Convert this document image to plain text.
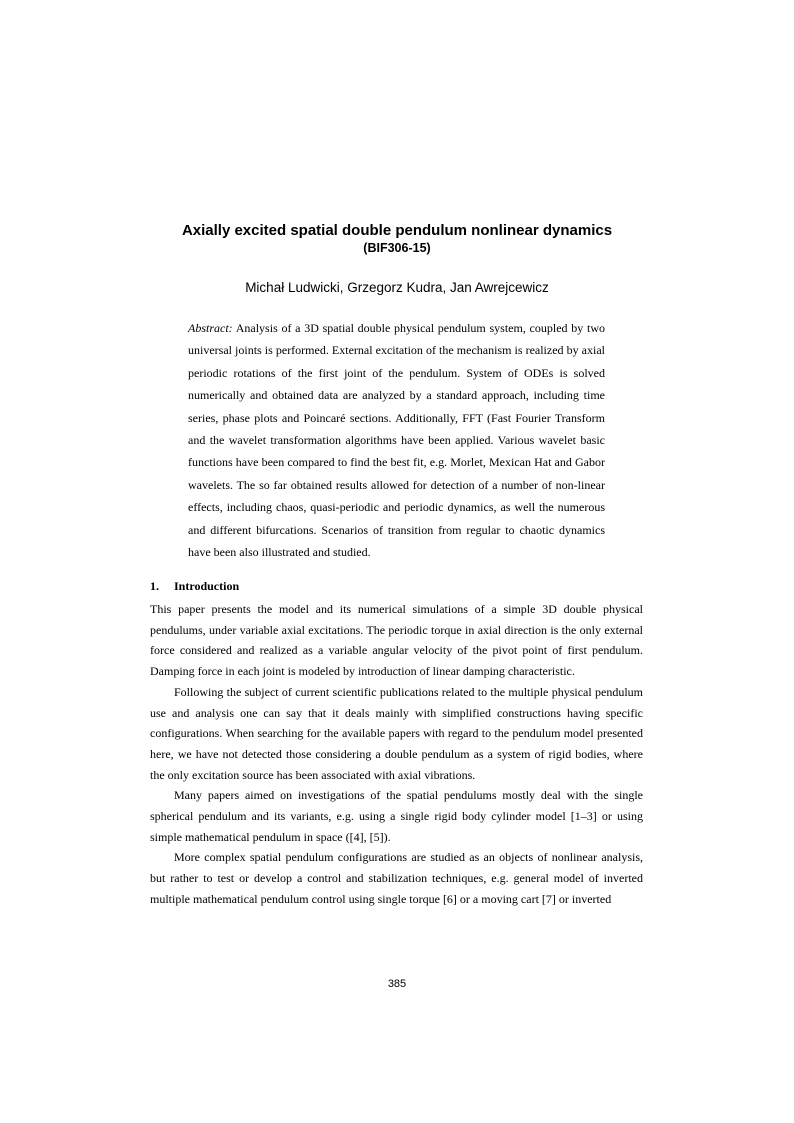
Axially excited spatial double pendulum nonlinear dynamics
(BIF306-15)
Michał Ludwicki, Grzegorz Kudra, Jan Awrejcewicz

Abstract: Analysis of a 3D spatial double physical pendulum system, coupled by two universal joints is performed. External excitation of the mechanism is realized by axial periodic rotations of the first joint of the pendulum. System of ODEs is solved numerically and obtained data are analyzed by a standard approach, including time series, phase plots and Poincaré sections. Additionally, FFT (Fast Fourier Transform and the wavelet transformation algorithms have been applied. Various wavelet basic functions have been compared to find the best fit, e.g. Morlet, Mexican Hat and Gabor wavelets. The so far obtained results allowed for detection of a number of non-linear effects, including chaos, quasi-periodic and periodic dynamics, as well the numerous and different bifurcations. Scenarios of transition from regular to chaotic dynamics have been also illustrated and studied.

1. Introduction

This paper presents the model and its numerical simulations of a simple 3D double physical pendulums, under variable axial excitations. The periodic torque in axial direction is the only external force considered and realized as a variable angular velocity of the pivot point of first pendulum. Damping force in each joint is modeled by introduction of linear damping characteristic.

Following the subject of current scientific publications related to the multiple physical pendulum use and analysis one can say that it deals mainly with simplified constructions having specific configurations. When searching for the available papers with regard to the pendulum model presented here, we have not detected those considering a double pendulum as a system of rigid bodies, where the only excitation source has been associated with axial vibrations.

Many papers aimed on investigations of the spatial pendulums mostly deal with the single spherical pendulum and its variants, e.g. using a single rigid body cylinder model [1–3] or using simple mathematical pendulum in space ([4], [5]).

More complex spatial pendulum configurations are studied as an objects of nonlinear analysis, but rather to test or develop a control and stabilization techniques, e.g. general model of inverted multiple mathematical pendulum control using single torque [6] or a moving cart [7] or inverted

385
